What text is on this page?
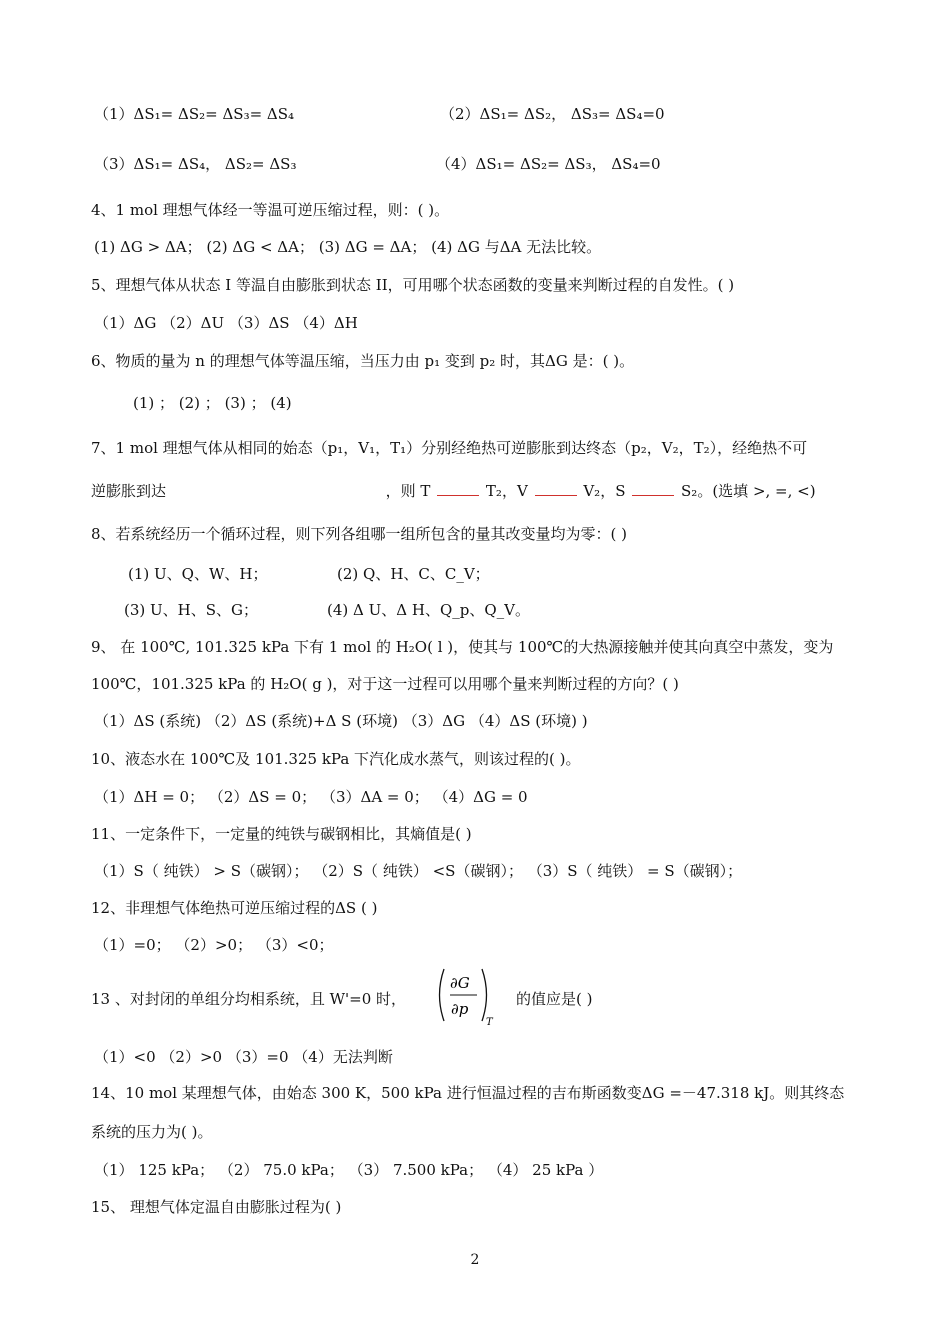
（1）ΔS₁= ΔS₂= ΔS₃= ΔS₄	（2）ΔS₁= ΔS₂， ΔS₃= ΔS₄=0
（3）ΔS₁= ΔS₄， ΔS₂= ΔS₃	（4）ΔS₁= ΔS₂= ΔS₃， ΔS₄=0
4、1 mol 理想气体经一等温可逆压缩过程，则：( )。
(1) ΔG > ΔA； (2) ΔG < ΔA； (3) ΔG = ΔA； (4) ΔG 与ΔA 无法比较。
5、理想气体从状态 I 等温自由膨胀到状态 II，可用哪个状态函数的变量来判断过程的自发性。( )
（1）ΔG （2）ΔU （3）ΔS （4）ΔH
6、物质的量为 n 的理想气体等温压缩，当压力由 p₁ 变到 p₂ 时，其ΔG 是：( )。
(1) ； (2) ； (3) ； (4)
7、1 mol 理想气体从相同的始态（p₁，V₁，T₁）分别经绝热可逆膨胀到达终态（p₂，V₂，T₂），经绝热不可
8、若系统经历一个循环过程，则下列各组哪一组所包含的量其改变量均为零：( )
(1) U、Q、W、H；	(2) Q、H、C、C_V；
(3) U、H、S、G；	(4) Δ U、Δ H、Q_p、Q_V。
9、 在 100℃, 101.325 kPa 下有 1 mol 的 H₂O( l )，使其与 100℃的大热源接触并使其向真空中蒸发，变为
100℃，101.325 kPa 的 H₂O( g )，对于这一过程可以用哪个量来判断过程的方向？( )
（1）ΔS (系统) （2）ΔS (系统)+Δ S (环境) （3）ΔG （4）ΔS (环境) )
10、液态水在 100℃及 101.325 kPa 下汽化成水蒸气，则该过程的( )。
（1）ΔH = 0； （2）ΔS = 0； （3）ΔA = 0； （4）ΔG = 0
11、一定条件下，一定量的纯铁与碳钢相比，其熵值是( )
（1）S（ 纯铁） > S（碳钢）； （2）S（ 纯铁） <S（碳钢）； （3）S（ 纯铁） = S（碳钢）；
12、非理想气体绝热可逆压缩过程的ΔS ( )
（1）=0； （2）>0； （3）<0；
13 、对封闭的单组分均相系统，且 W'=0 时，	的值应是( )
（1）<0 （2）>0 （3）=0 （4）无法判断
14、10 mol 某理想气体，由始态 300 K，500 kPa 进行恒温过程的吉布斯函数变ΔG =－47.318 kJ。则其终态
系统的压力为( )。
（1） 125 kPa； （2） 75.0 kPa； （3） 7.500 kPa； （4） 25 kPa ）
15、 理想气体定温自由膨胀过程为( )
逆膨胀到达	，则 T	T₂，V	V₂，S	S₂。(选填 >, =, <)
∂G
∂p
T
2
